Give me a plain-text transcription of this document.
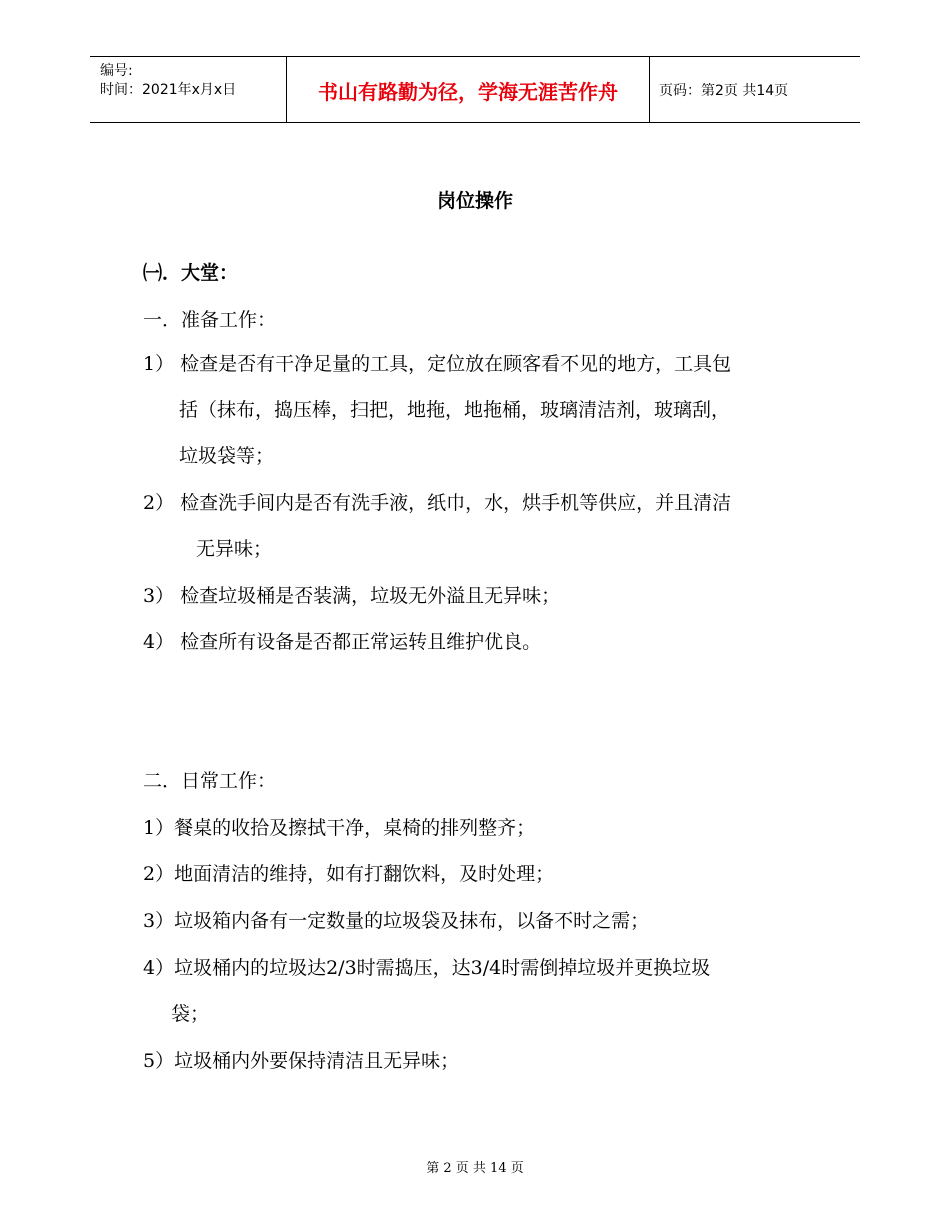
编号:
时间：2021年x月x日	书山有路勤为径，学海无涯苦作舟	页码：第2页 共14页
岗位操作
㈠．大堂：
一．准备工作：
1） 检查是否有干净足量的工具，定位放在顾客看不见的地方，工具包
括（抹布，捣压棒，扫把，地拖，地拖桶，玻璃清洁剂，玻璃刮，
垃圾袋等；
2） 检查洗手间内是否有洗手液，纸巾，水，烘手机等供应，并且清洁
无异味；
3） 检查垃圾桶是否装满，垃圾无外溢且无异味；
4） 检查所有设备是否都正常运转且维护优良。
二．日常工作：
1）餐桌的收拾及擦拭干净，桌椅的排列整齐；
2）地面清洁的维持，如有打翻饮料，及时处理；
3）垃圾箱内备有一定数量的垃圾袋及抹布，以备不时之需；
4）垃圾桶内的垃圾达2/3时需捣压，达3/4时需倒掉垃圾并更换垃圾
袋；
5）垃圾桶内外要保持清洁且无异味；
第 2 页 共 14 页
